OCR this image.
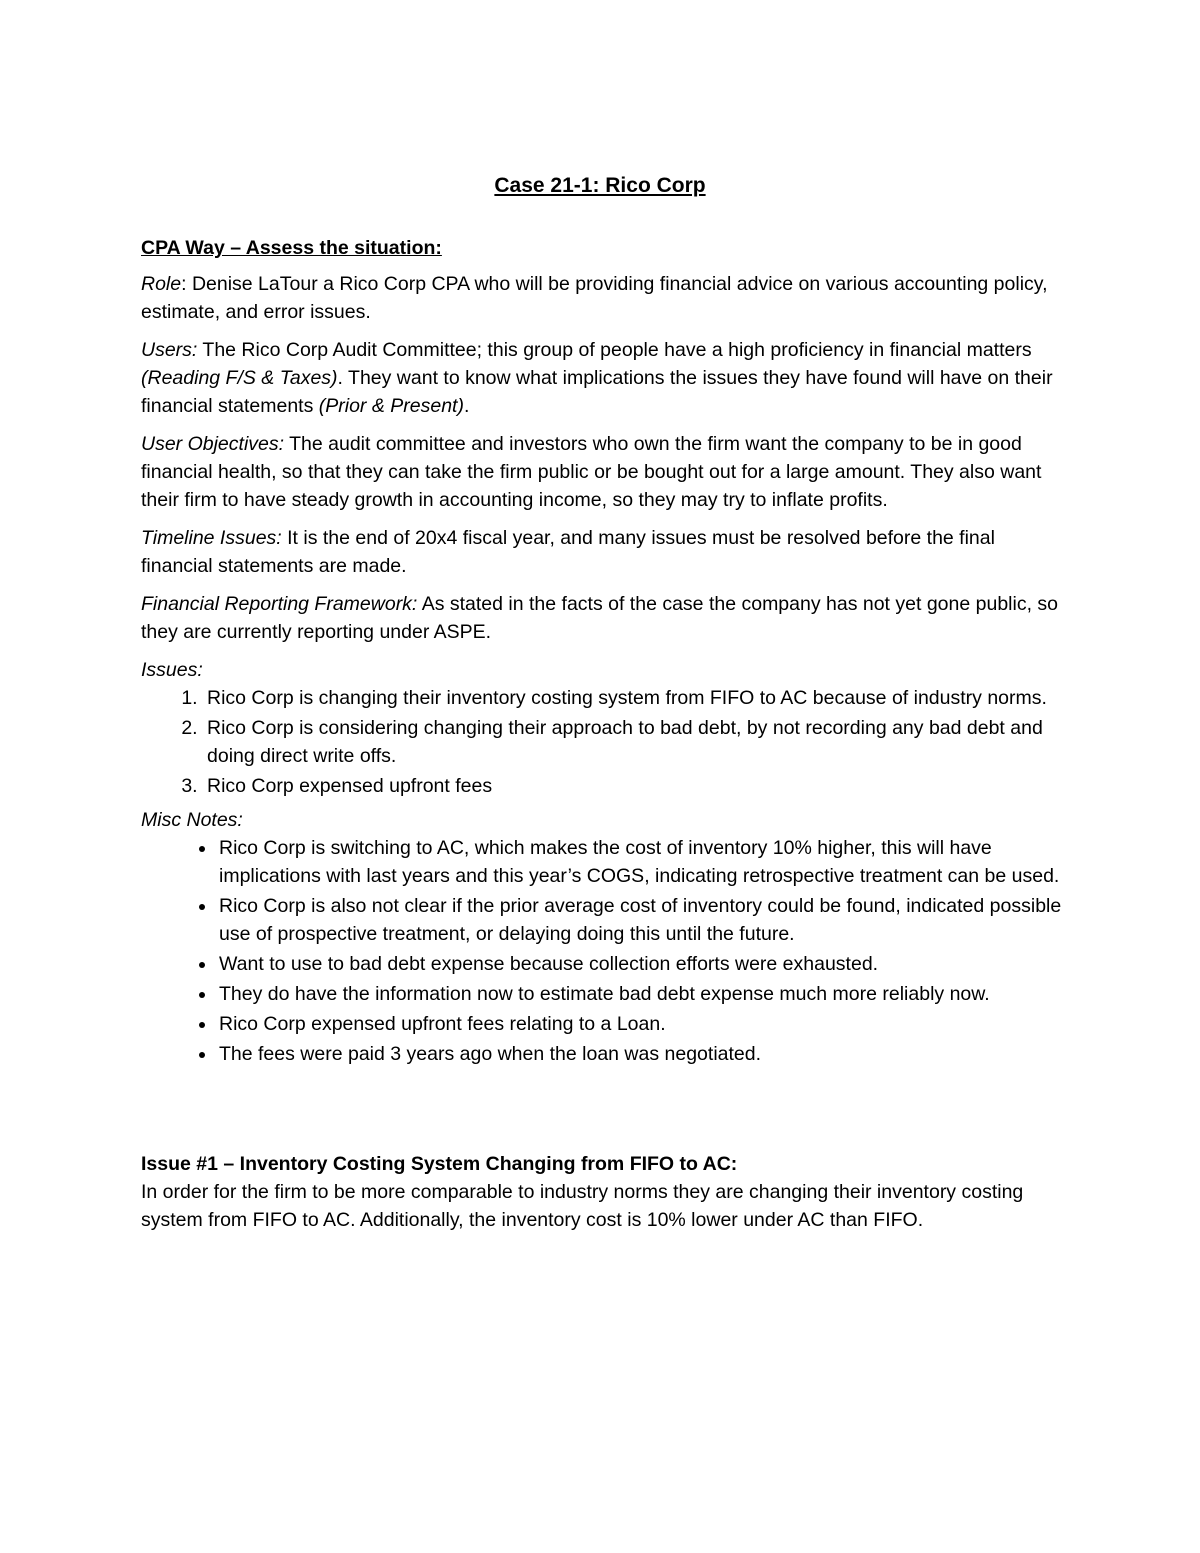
Case 21-1: Rico Corp

CPA Way – Assess the situation:

Role: Denise LaTour a Rico Corp CPA who will be providing financial advice on various accounting policy, estimate, and error issues.

Users: The Rico Corp Audit Committee; this group of people have a high proficiency in financial matters (Reading F/S & Taxes). They want to know what implications the issues they have found will have on their financial statements (Prior & Present).

User Objectives: The audit committee and investors who own the firm want the company to be in good financial health, so that they can take the firm public or be bought out for a large amount. They also want their firm to have steady growth in accounting income, so they may try to inflate profits.

Timeline Issues: It is the end of 20x4 fiscal year, and many issues must be resolved before the final financial statements are made.

Financial Reporting Framework: As stated in the facts of the case the company has not yet gone public, so they are currently reporting under ASPE.

Issues:

1. Rico Corp is changing their inventory costing system from FIFO to AC because of industry norms.
2. Rico Corp is considering changing their approach to bad debt, by not recording any bad debt and doing direct write offs.
3. Rico Corp expensed upfront fees

Misc Notes:

• Rico Corp is switching to AC, which makes the cost of inventory 10% higher, this will have implications with last years and this year’s COGS, indicating retrospective treatment can be used.
• Rico Corp is also not clear if the prior average cost of inventory could be found, indicated possible use of prospective treatment, or delaying doing this until the future.
• Want to use to bad debt expense because collection efforts were exhausted.
• They do have the information now to estimate bad debt expense much more reliably now.
• Rico Corp expensed upfront fees relating to a Loan.
• The fees were paid 3 years ago when the loan was negotiated.

Issue #1 – Inventory Costing System Changing from FIFO to AC:

In order for the firm to be more comparable to industry norms they are changing their inventory costing system from FIFO to AC. Additionally, the inventory cost is 10% lower under AC than FIFO.
